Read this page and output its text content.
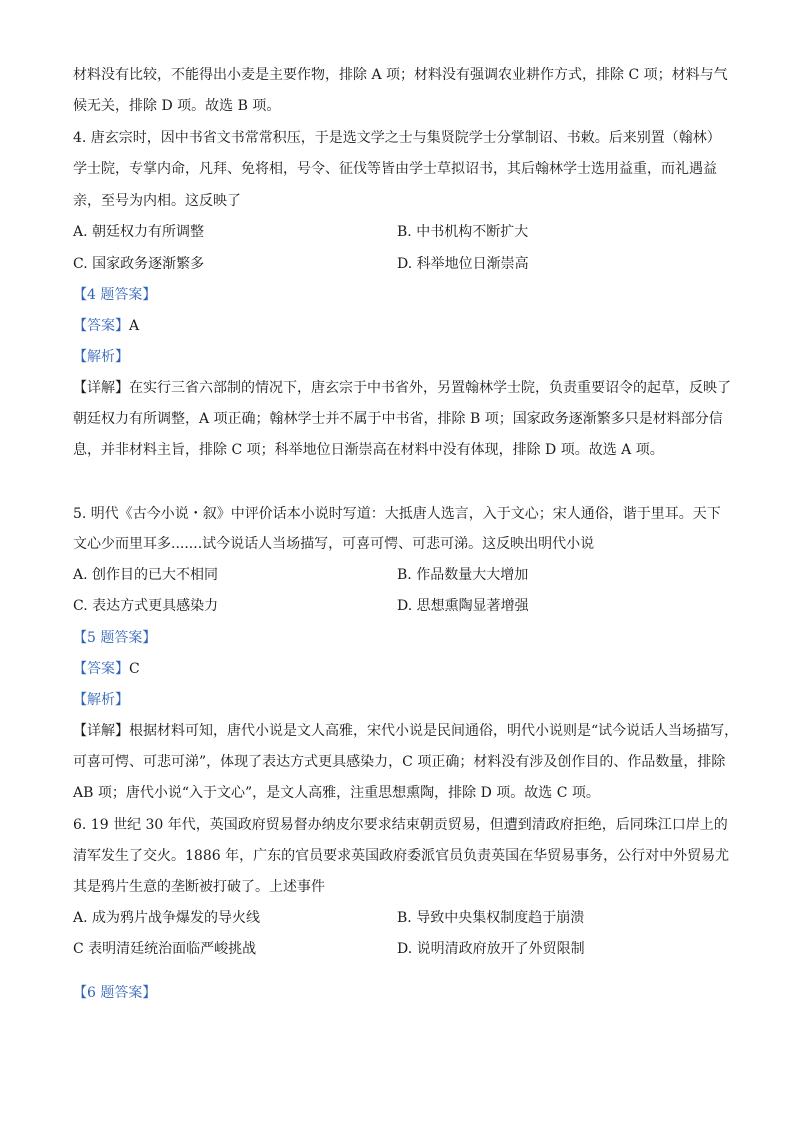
材料没有比较，不能得出小麦是主要作物，排除 A 项；材料没有强调农业耕作方式，排除 C 项；材料与气
候无关，排除 D 项。故选 B 项。
4. 唐玄宗时，因中书省文书常常积压，于是选文学之士与集贤院学士分掌制诏、书敕。后来别置（翰林）
学士院，专掌内命，凡拜、免将相，号令、征伐等皆由学士草拟诏书，其后翰林学士选用益重，而礼遇益
亲，至号为内相。这反映了
A. 朝廷权力有所调整	B. 中书机构不断扩大
C. 国家政务逐渐繁多	D. 科举地位日渐崇高
【4 题答案】
【答案】A
【解析】
【详解】在实行三省六部制的情况下，唐玄宗于中书省外，另置翰林学士院，负责重要诏令的起草，反映了
朝廷权力有所调整，A 项正确；翰林学士并不属于中书省，排除 B 项；国家政务逐渐繁多只是材料部分信
息，并非材料主旨，排除 C 项；科举地位日渐崇高在材料中没有体现，排除 D 项。故选 A 项。
5. 明代《古今小说・叙》中评价话本小说时写道：大抵唐人选言，入于文心；宋人通俗，谐于里耳。天下
文心少而里耳多.......试今说话人当场描写，可喜可愕、可悲可涕。这反映出明代小说
A. 创作目的已大不相同	B. 作品数量大大增加
C. 表达方式更具感染力	D. 思想熏陶显著增强
【5 题答案】
【答案】C
【解析】
【详解】根据材料可知，唐代小说是文人高雅，宋代小说是民间通俗，明代小说则是“试今说话人当场描写，
可喜可愕、可悲可涕”，体现了表达方式更具感染力，C 项正确；材料没有涉及创作目的、作品数量，排除
AB 项；唐代小说“入于文心”，是文人高雅，注重思想熏陶，排除 D 项。故选 C 项。
6. 19 世纪 30 年代，英国政府贸易督办纳皮尔要求结束朝贡贸易，但遭到清政府拒绝，后同珠江口岸上的
清军发生了交火。1886 年，广东的官员要求英国政府委派官员负责英国在华贸易事务，公行对中外贸易尤
其是鸦片生意的垄断被打破了。上述事件
A. 成为鸦片战争爆发的导火线	B. 导致中央集权制度趋于崩溃
C 表明清廷统治面临严峻挑战	D. 说明清政府放开了外贸限制
【6 题答案】
